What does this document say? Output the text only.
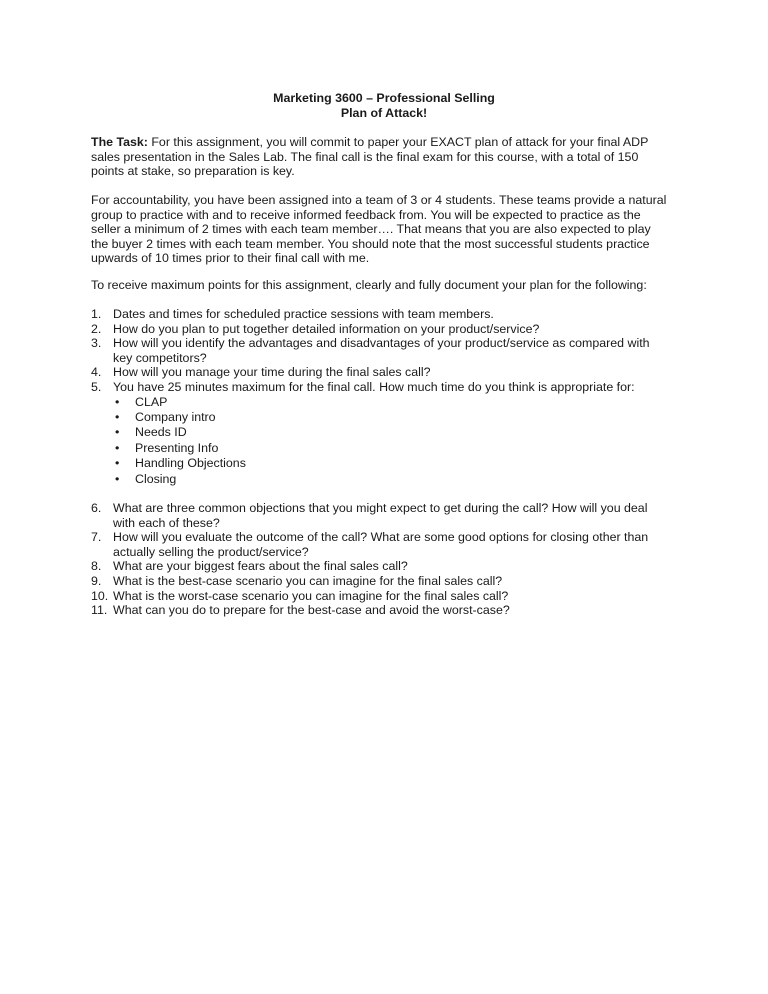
Marketing 3600 – Professional Selling
Plan of Attack!
The Task: For this assignment, you will commit to paper your EXACT plan of attack for your final ADP sales presentation in the Sales Lab. The final call is the final exam for this course, with a total of 150 points at stake, so preparation is key.
For accountability, you have been assigned into a team of 3 or 4 students. These teams provide a natural group to practice with and to receive informed feedback from. You will be expected to practice as the seller a minimum of 2 times with each team member…. That means that you are also expected to play the buyer 2 times with each team member. You should note that the most successful students practice upwards of 10 times prior to their final call with me.
To receive maximum points for this assignment, clearly and fully document your plan for the following:
1. Dates and times for scheduled practice sessions with team members.
2. How do you plan to put together detailed information on your product/service?
3. How will you identify the advantages and disadvantages of your product/service as compared with key competitors?
4. How will you manage your time during the final sales call?
5. You have 25 minutes maximum for the final call. How much time do you think is appropriate for:
• CLAP
• Company intro
• Needs ID
• Presenting Info
• Handling Objections
• Closing
6. What are three common objections that you might expect to get during the call? How will you deal with each of these?
7. How will you evaluate the outcome of the call? What are some good options for closing other than actually selling the product/service?
8. What are your biggest fears about the final sales call?
9. What is the best-case scenario you can imagine for the final sales call?
10. What is the worst-case scenario you can imagine for the final sales call?
11. What can you do to prepare for the best-case and avoid the worst-case?
